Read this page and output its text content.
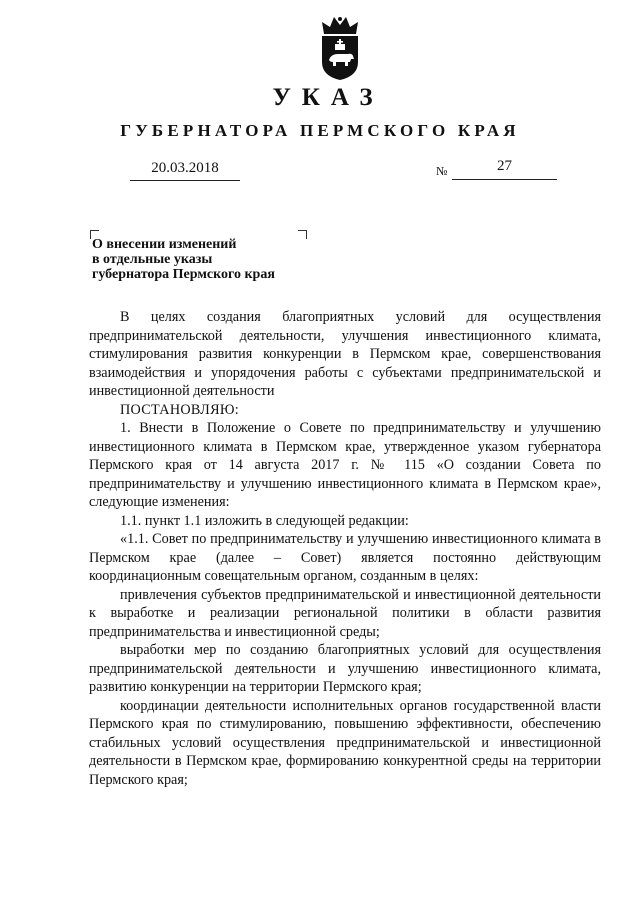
УКАЗ
ГУБЕРНАТОРА ПЕРМСКОГО КРАЯ
20.03.2018	№	27
О внесении изменений
в отдельные указы
губернатора Пермского края

В целях создания благоприятных условий для осуществления предпринимательской деятельности, улучшения инвестиционного климата, стимулирования развития конкуренции в Пермском крае, совершенствования взаимодействия и упорядочения работы с субъектами предпринимательской и инвестиционной деятельности

ПОСТАНОВЛЯЮ:

1. Внести в Положение о Совете по предпринимательству и улучшению инвестиционного климата в Пермском крае, утвержденное указом губернатора Пермского края от 14 августа 2017 г. № 115 «О создании Совета по предпринимательству и улучшению инвестиционного климата в Пермском крае», следующие изменения:

1.1. пункт 1.1 изложить в следующей редакции:

«1.1. Совет по предпринимательству и улучшению инвестиционного климата в Пермском крае (далее – Совет) является постоянно действующим координационным совещательным органом, созданным в целях:

привлечения субъектов предпринимательской и инвестиционной деятельности к выработке и реализации региональной политики в области развития предпринимательства и инвестиционной среды;

выработки мер по созданию благоприятных условий для осуществления предпринимательской деятельности и улучшению инвестиционного климата, развитию конкуренции на территории Пермского края;

координации деятельности исполнительных органов государственной власти Пермского края по стимулированию, повышению эффективности, обеспечению стабильных условий осуществления предпринимательской и инвестиционной деятельности в Пермском крае, формированию конкурентной среды на территории Пермского края;
